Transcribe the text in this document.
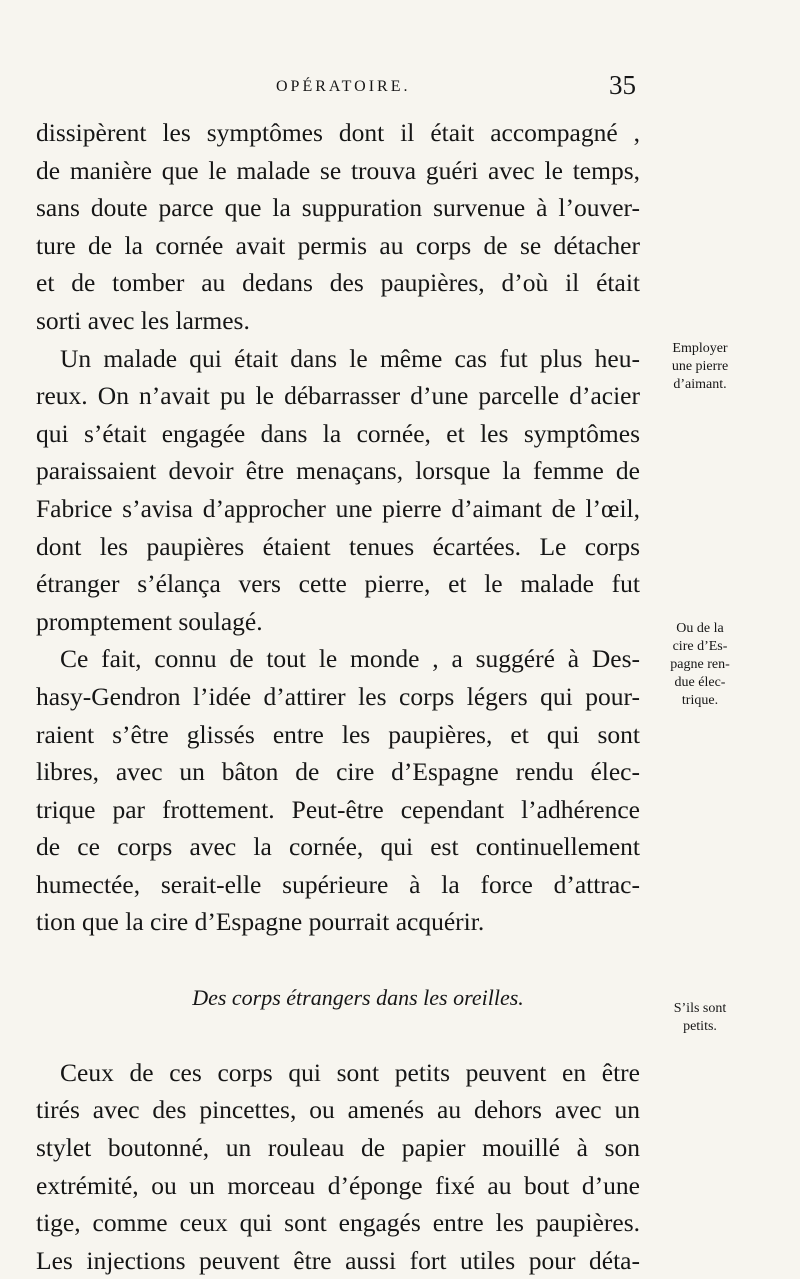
OPÉRATOIRE.	35
dissipèrent les symptômes dont il était accompagné ,
de manière que le malade se trouva guéri avec le temps,
sans doute parce que la suppuration survenue à l’ouver-
ture de la cornée avait permis au corps de se détacher
et de tomber au dedans des paupières, d’où il était
sorti avec les larmes.
Un malade qui était dans le même cas fut plus heu-
reux. On n’avait pu le débarrasser d’une parcelle d’acier
qui s’était engagée dans la cornée, et les symptômes
paraissaient devoir être menaçans, lorsque la femme de
Fabrice s’avisa d’approcher une pierre d’aimant de l’œil,
dont les paupières étaient tenues écartées. Le corps
étranger s’élança vers cette pierre, et le malade fut
promptement soulagé.
Ce fait, connu de tout le monde , a suggéré à Des-
hasy-Gendron l’idée d’attirer les corps légers qui pour-
raient s’être glissés entre les paupières, et qui sont
libres, avec un bâton de cire d’Espagne rendu élec-
trique par frottement. Peut-être cependant l’adhérence
de ce corps avec la cornée, qui est continuellement
humectée, serait-elle supérieure à la force d’attrac-
tion que la cire d’Espagne pourrait acquérir.
Des corps étrangers dans les oreilles.
Ceux de ces corps qui sont petits peuvent en être
tirés avec des pincettes, ou amenés au dehors avec un
stylet boutonné, un rouleau de papier mouillé à son
extrémité, ou un morceau d’éponge fixé au bout d’une
tige, comme ceux qui sont engagés entre les paupières.
Les injections peuvent être aussi fort utiles pour déta-
Employer
une pierre
d’aimant.
Ou de la
cire d’Es-
pagne ren-
due élec-
trique.
S’ils sont
petits.
